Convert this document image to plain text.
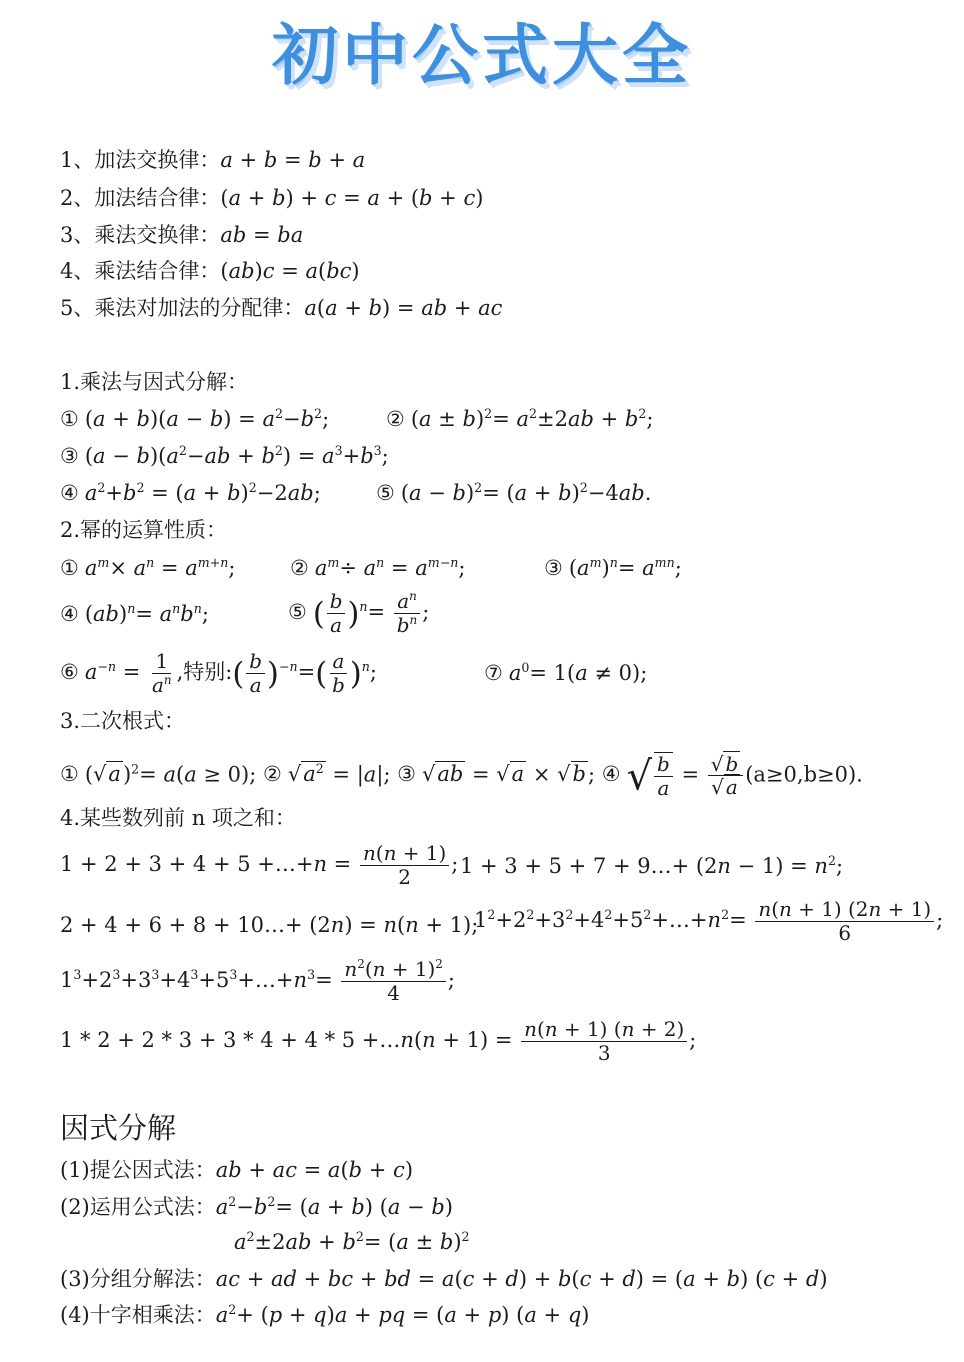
初中公式大全
1、加法交换律：a + b = b + a
2、加法结合律：(a + b) + c = a + (b + c)
3、乘法交换律：ab = ba
4、乘法结合律：(ab)c = a(bc)
5、乘法对加法的分配律：a(a + b) = ab + ac
1.乘法与因式分解：
① $(a + b)(a - b) = a^2-b^2$;	② $(a \pm b)^2= a^2\pm 2ab + b^2$;
③ $(a - b)(a^2-ab + b^2) = a^3+b^3$;
④ $a^2+b^2 = (a + b)^2-2ab$;	⑤ $(a - b)^2= (a + b)^2-4ab$.
2.幂的运算性质：
① $a^m\times a^n = a^{m+n}$;	② $a^m\div a^n = a^{m-n}$;	③ $(a^m)^n= a^{mn}$;
④ $(ab)^n= a^nb^n$;	⑤ ( $\frac{b}{a} )^n= \frac{a^n}{b^n}$ ;
⑥ $a^{-n} = \frac{1}{a^n}$ ,特别:( $\frac{b}{a} )^{-n}=( \frac{a}{b} )^n$;	⑦ $a^0= 1(a \ne 0)$;
3.二次根式：
① $(√a)^2= a(a \ge 0)$; ② $√a^2 = |a|$; ③ √ab = √a × √b; ④ √ $\frac{b}{a} = \frac{√ b}{√ a} (a\ge 0,b\ge 0)$.
4.某些数列前 n 项之和：
1 + 2 + 3 + 4 + 5 +…+n = $\frac{n(n + 1)}{2}$ ; 1 + 3 + 5 + 7 + 9…+ $(2n - 1) = n^2$;
2 + 4 + 6 + 8 + 10…+ (2n) = n(n + 1);
$1^2+2^2+3^2+4^2+5^2+\dots+n^2= \frac{n(n + 1) (2n + 1)}{6}$ ;
$1^3+2^3+3^3+4^3+5^3+\dots+n^3= \frac{n^2(n + 1)^2}{4}$ ;
1 * 2 + 2 * 3 + 3 * 4 + 4 * 5 +…n(n + $1) = \frac{n(n + 1) (n + 2)}{3}$ ;
因式分解
(1)提公因式法：ab + ac = a(b + c)
(2)运用公式法：$a^2-b^2= (a + b) (a - b)$
$a^2\pm 2ab + b^2= (a \pm b)^2$
(3)分组分解法：ac + ad + bc + bd = a(c + d) + b(c + d) = (a + b) (c + d)
(4)十字相乘法：$a^2+ (p + q)a$ + pq = (a + p) (a + q)
